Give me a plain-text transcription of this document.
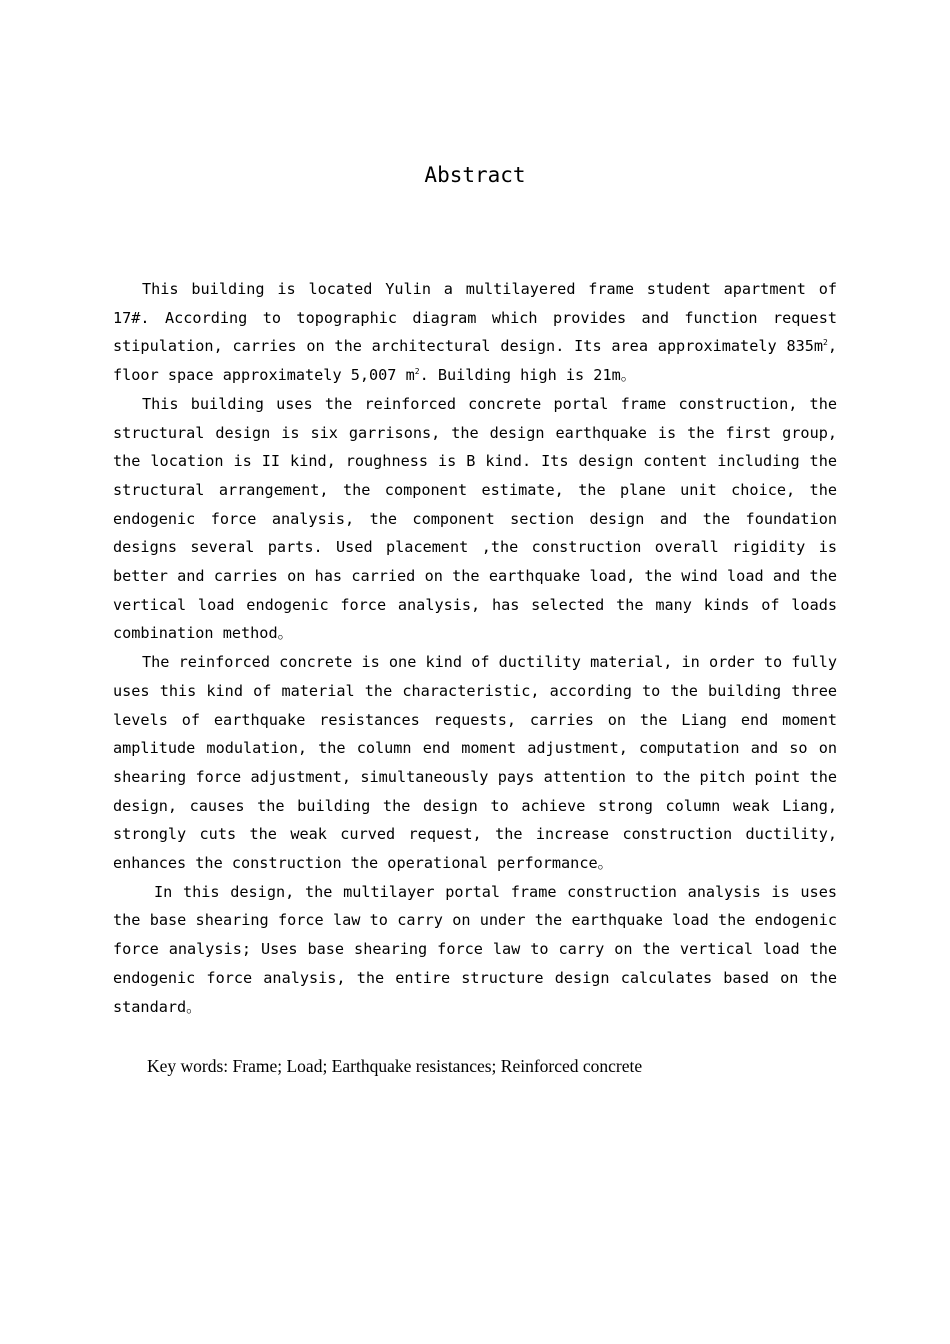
Abstract

This building is located Yulin a multilayered frame student apartment of 17#. According to topographic diagram which provides and function request stipulation, carries on the architectural design. Its area approximately $835m^2$, floor space approximately 5,007 $m^2$. Building high is 21m。

This building uses the reinforced concrete portal frame construction, the structural design is six garrisons, the design earthquake is the first group, the location is II kind, roughness is B kind. Its design content including the structural arrangement, the component estimate, the plane unit choice, the endogenic force analysis, the component section design and the foundation designs several parts. Used placement ,the construction overall rigidity is better and carries on has carried on the earthquake load, the wind load and the vertical load endogenic force analysis, has selected the many kinds of loads combination method。

The reinforced concrete is one kind of ductility material, in order to fully uses this kind of material the characteristic, according to the building three levels of earthquake resistances requests, carries on the Liang end moment amplitude modulation, the column end moment adjustment, computation and so on shearing force adjustment, simultaneously pays attention to the pitch point the design, causes the building the design to achieve strong column weak Liang, strongly cuts the weak curved request, the increase construction ductility, enhances the construction the operational performance。

In this design, the multilayer portal frame construction analysis is uses the base shearing force law to carry on under the earthquake load the endogenic force analysis; Uses base shearing force law to carry on the vertical load the endogenic force analysis, the entire structure design calculates based on the standard。

Key words: Frame; Load; Earthquake resistances; Reinforced concrete
